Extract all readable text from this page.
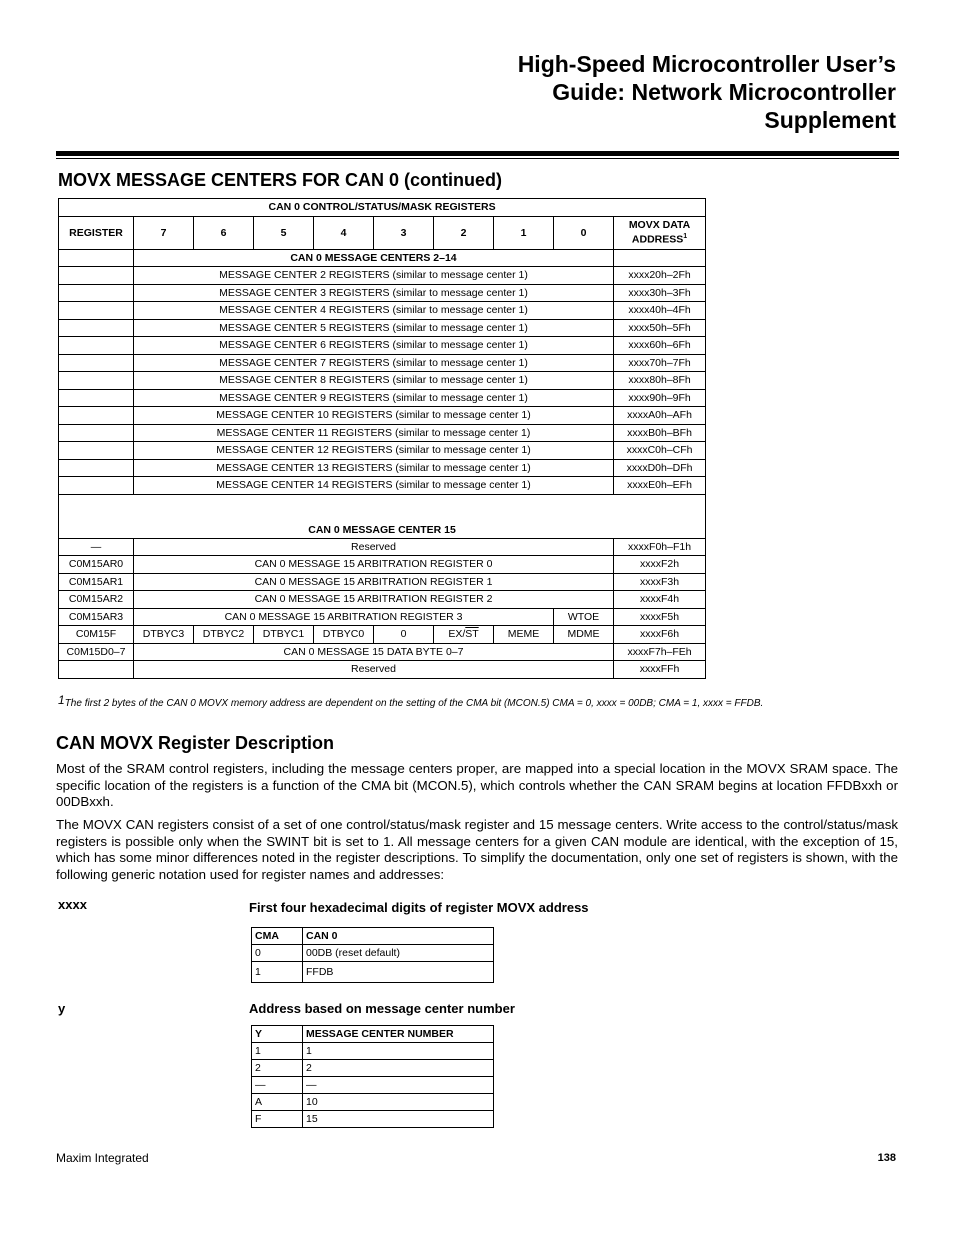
High-Speed Microcontroller User’s
Guide: Network Microcontroller
Supplement
MOVX MESSAGE CENTERS FOR CAN 0 (continued)
CAN 0 CONTROL/STATUS/MASK REGISTERS									
REGISTER	7	6	5	4	3	2	1	0	MOVX DATA ADDRESS$^1$
	CAN 0 MESSAGE CENTERS 2–14								
	MESSAGE CENTER 2 REGISTERS (similar to message center 1)								xxxx20h–2Fh
	MESSAGE CENTER 3 REGISTERS (similar to message center 1)								xxxx30h–3Fh
	MESSAGE CENTER 4 REGISTERS (similar to message center 1)								xxxx40h–4Fh
	MESSAGE CENTER 5 REGISTERS (similar to message center 1)								xxxx50h–5Fh
	MESSAGE CENTER 6 REGISTERS (similar to message center 1)								xxxx60h–6Fh
	MESSAGE CENTER 7 REGISTERS (similar to message center 1)								xxxx70h–7Fh
	MESSAGE CENTER 8 REGISTERS (similar to message center 1)								xxxx80h–8Fh
	MESSAGE CENTER 9 REGISTERS (similar to message center 1)								xxxx90h–9Fh
	MESSAGE CENTER 10 REGISTERS (similar to message center 1)								xxxxA0h–AFh
	MESSAGE CENTER 11 REGISTERS (similar to message center 1)								xxxxB0h–BFh
	MESSAGE CENTER 12 REGISTERS (similar to message center 1)								xxxxC0h–CFh
	MESSAGE CENTER 13 REGISTERS (similar to message center 1)								xxxxD0h–DFh
	MESSAGE CENTER 14 REGISTERS (similar to message center 1)								xxxxE0h–EFh
CAN 0 MESSAGE CENTER 15									
—	Reserved								xxxxF0h–F1h
C0M15AR0	CAN 0 MESSAGE 15 ARBITRATION REGISTER 0								xxxxF2h
C0M15AR1	CAN 0 MESSAGE 15 ARBITRATION REGISTER 1								xxxxF3h
C0M15AR2	CAN 0 MESSAGE 15 ARBITRATION REGISTER 2								xxxxF4h
C0M15AR3	CAN 0 MESSAGE 15 ARBITRATION REGISTER 3							WTOE	xxxxF5h
C0M15F	DTBYC3	DTBYC2	DTBYC1	DTBYC0	0	$EX/\overline{ST}$	MEME	MDME	xxxxF6h
C0M15D0–7	CAN 0 MESSAGE 15 DATA BYTE 0–7								xxxxF7h–FEh
	Reserved								xxxxFFh
1The first 2 bytes of the CAN 0 MOVX memory address are dependent on the setting of the CMA bit (MCON.5) CMA = 0, xxxx = 00DB; CMA = 1, xxxx = FFDB.
CAN MOVX Register Description

Most of the SRAM control registers, including the message centers proper, are mapped into a special location in the MOVX SRAM space. The specific location of the registers is a function of the CMA bit (MCON.5), which controls whether the CAN SRAM begins at location FFDBxxh or 00DBxxh.

The MOVX CAN registers consist of a set of one control/status/mask register and 15 message centers. Write access to the control/status/mask registers is possible only when the SWINT bit is set to 1. All message centers for a given CAN module are identical, with the exception of 15, which has some minor differences noted in the register descriptions. To simplify the documentation, only one set of registers is shown, with the following generic notation used for register names and addresses:

xxxx	First four hexadecimal digits of register MOVX address
CMA	CAN 0
0	00DB (reset default)
1	FFDB
y	Address based on message center number
Y	MESSAGE CENTER NUMBER
1	1
2	2
—	—
A	10
F	15
Maxim Integrated	138
